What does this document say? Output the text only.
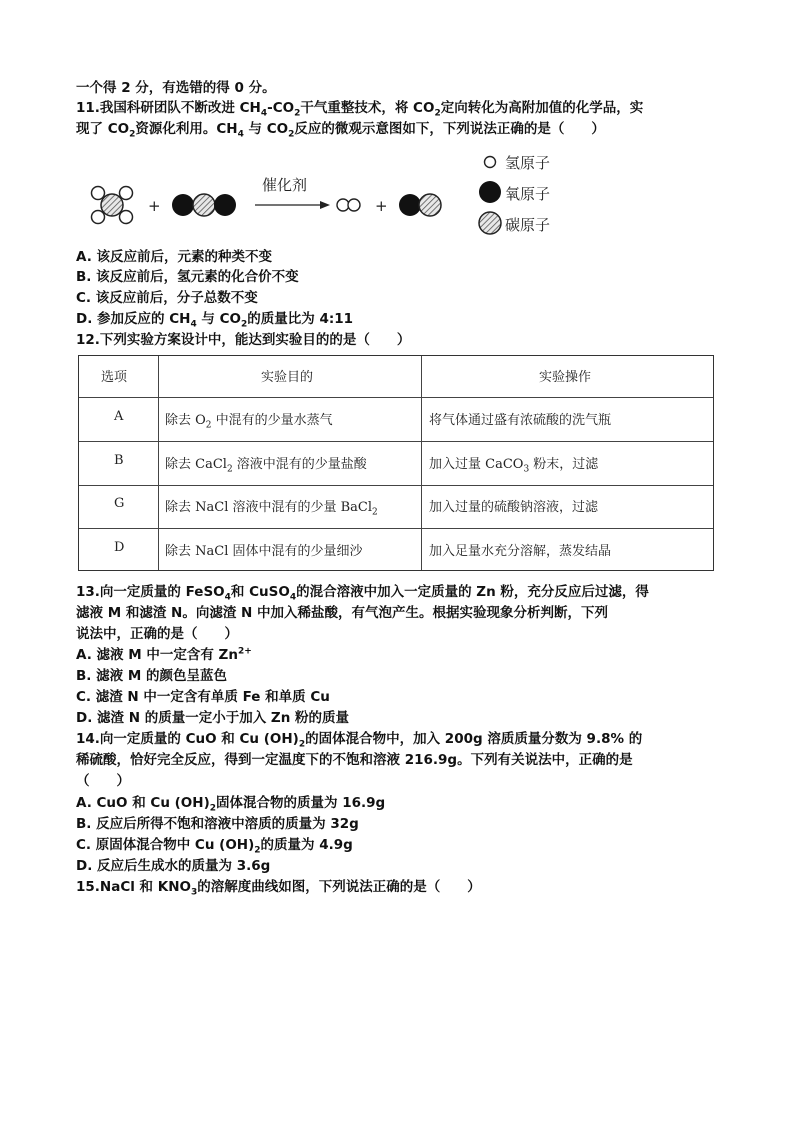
一个得 2 分，有选错的得 0 分。
11.我国科研团队不断改进 $CH_4-CO_2$干气重整技术，将 $CO_2$定向转化为高附加值的化学品，实
现了 $CO_2$资源化利用。$CH_4$ 与 $CO_2$反应的微观示意图如下，下列说法正确的是（　　）
+
催化剂
+
氢原子
氧原子
碳原子
A. 该反应前后，元素的种类不变
B. 该反应前后，氢元素的化合价不变
C. 该反应前后，分子总数不变
D. 参加反应的 $CH_4$ 与 $CO_2$的质量比为 4:11
12.下列实验方案设计中，能达到实验目的的是（　　）
选项	实验目的	实验操作
A	除去 $O_2$ 中混有的少量水蒸气	将气体通过盛有浓硫酸的洗气瓶
B	除去 CaCl$_2$ 溶液中混有的少量盐酸	加入过量 CaCO$_3$ 粉末，过滤
G	除去 NaCl 溶液中混有的少量 BaCl$_2$	加入过量的硫酸钠溶液，过滤
D	除去 NaCl 固体中混有的少量细沙	加入足量水充分溶解，蒸发结晶
13.向一定质量的 FeSO$_4$和 CuSO$_4$的混合溶液中加入一定质量的 Zn 粉，充分反应后过滤，得
滤液 M 和滤渣 N。向滤渣 N 中加入稀盐酸，有气泡产生。根据实验现象分析判断，下列
说法中，正确的是（　　）
A. 滤液 M 中一定含有 $Zn^{2+}$
B. 滤液 M 的颜色呈蓝色
C. 滤渣 N 中一定含有单质 Fe 和单质 Cu
D. 滤渣 N 的质量一定小于加入 Zn 粉的质量
14.向一定质量的 CuO 和 Cu $(OH)_2$的固体混合物中，加入 200g 溶质质量分数为 9.8% 的
稀硫酸，恰好完全反应，得到一定温度下的不饱和溶液 216.9g。下列有关说法中，正确的是
（　　）
A. CuO 和 Cu $(OH)_2$固体混合物的质量为 16.9g
B. 反应后所得不饱和溶液中溶质的质量为 32g
C. 原固体混合物中 Cu $(OH)_2$的质量为 4.9g
D. 反应后生成水的质量为 3.6g
15.NaCl 和 $KNO_3$的溶解度曲线如图，下列说法正确的是（　　）
